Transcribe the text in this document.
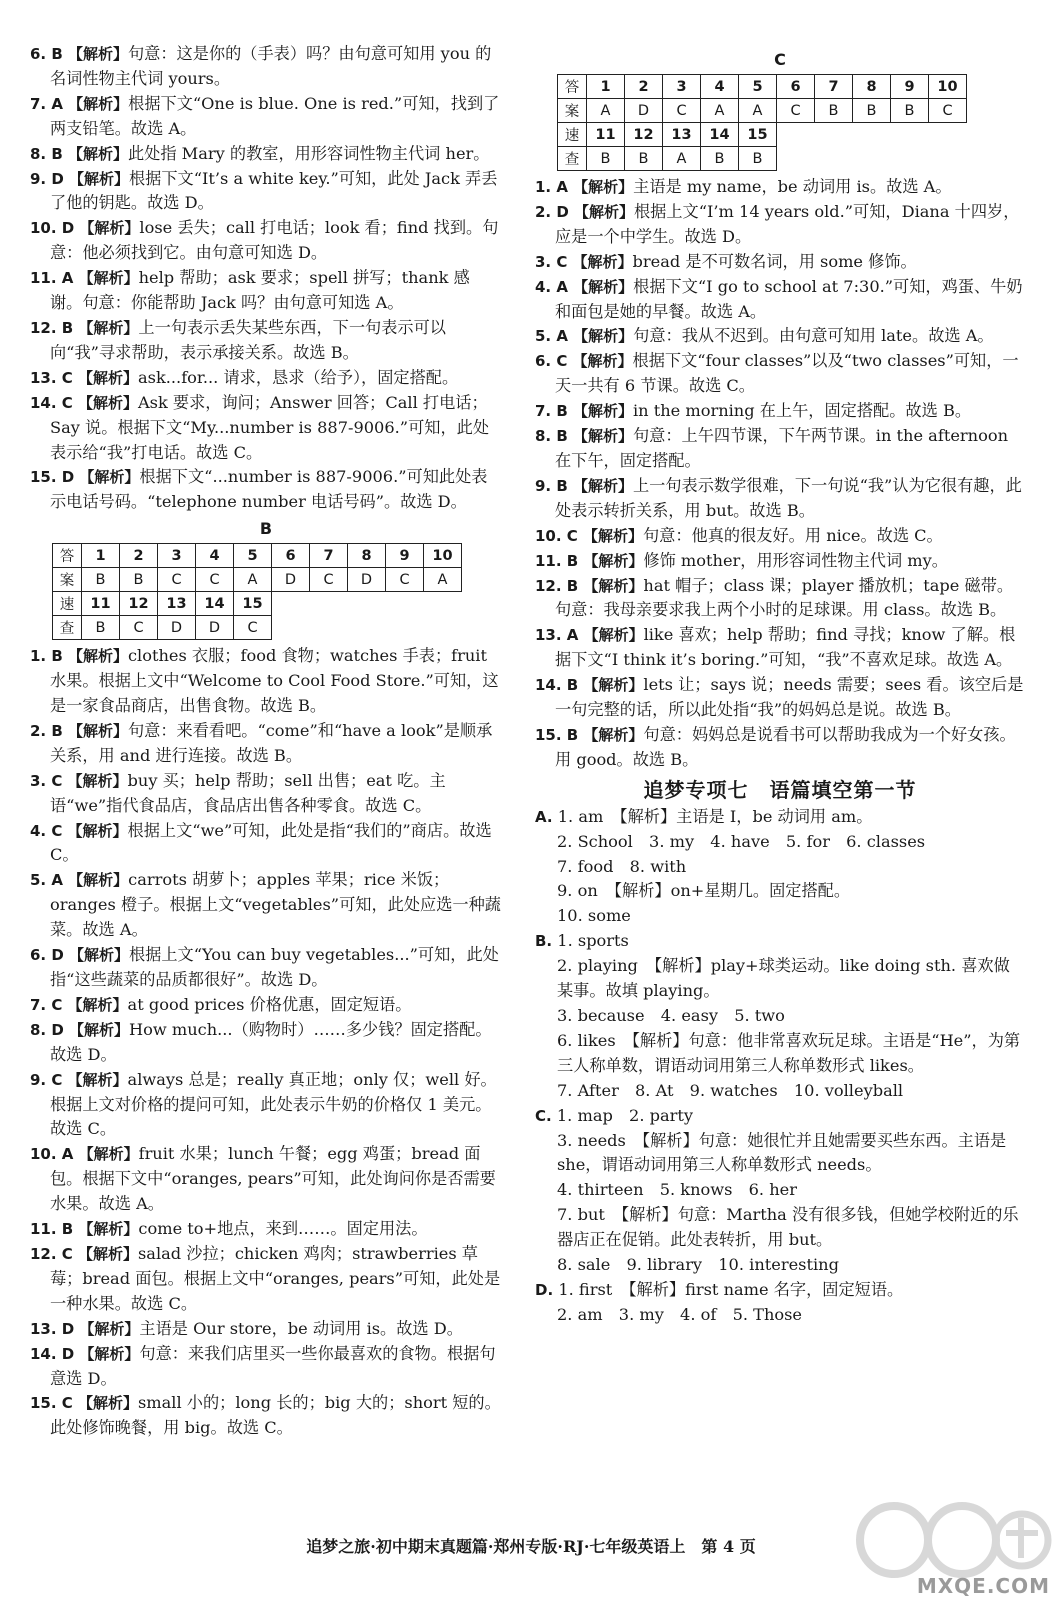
6. B 【解析】句意：这是你的（手表）吗？由句意可知用 you 的名词性物主代词 yours。

7. A 【解析】根据下文“One is blue. One is red.”可知，找到了两支铅笔。故选 A。

8. B 【解析】此处指 Mary 的教室，用形容词性物主代词 her。

9. D 【解析】根据下文“It’s a white key.”可知，此处 Jack 弄丢了他的钥匙。故选 D。

10. D 【解析】lose 丢失；call 打电话；look 看；find 找到。句意：他必须找到它。由句意可知选 D。

11. A 【解析】help 帮助；ask 要求；spell 拼写；thank 感谢。句意：你能帮助 Jack 吗？由句意可知选 A。

12. B 【解析】上一句表示丢失某些东西，下一句表示可以向“我”寻求帮助，表示承接关系。故选 B。

13. C 【解析】ask...for... 请求，恳求（给予），固定搭配。

14. C 【解析】Ask 要求，询问；Answer 回答；Call 打电话；Say 说。根据下文“My...number is 887-9006.”可知，此处表示给“我”打电话。故选 C。

15. D 【解析】根据下文“...number is 887-9006.”可知此处表示电话号码。“telephone number 电话号码”。故选 D。

B
答	1	2	3	4	5	6	7	8	9	10
案	B	B	C	C	A	D	C	D	C	A
速	11	12	13	14	15					
查	B	C	D	D	C					

1. B 【解析】clothes 衣服；food 食物；watches 手表；fruit 水果。根据上文中“Welcome to Cool Food Store.”可知，这是一家食品商店，出售食物。故选 B。

2. B 【解析】句意：来看看吧。“come”和“have a look”是顺承关系，用 and 进行连接。故选 B。

3. C 【解析】buy 买；help 帮助；sell 出售；eat 吃。主语“we”指代食品店，食品店出售各种零食。故选 C。

4. C 【解析】根据上文“we”可知，此处是指“我们的”商店。故选 C。

5. A 【解析】carrots 胡萝卜；apples 苹果；rice 米饭；oranges 橙子。根据上文“vegetables”可知，此处应选一种蔬菜。故选 A。

6. D 【解析】根据上文“You can buy vegetables...”可知，此处指“这些蔬菜的品质都很好”。故选 D。

7. C 【解析】at good prices 价格优惠，固定短语。

8. D 【解析】How much...（购物时）……多少钱？固定搭配。故选 D。

9. C 【解析】always 总是；really 真正地；only 仅；well 好。根据上文对价格的提问可知，此处表示牛奶的价格仅 1 美元。故选 C。

10. A 【解析】fruit 水果；lunch 午餐；egg 鸡蛋；bread 面包。根据下文中“oranges, pears”可知，此处询问你是否需要水果。故选 A。

11. B 【解析】come to+地点，来到……。固定用法。

12. C 【解析】salad 沙拉；chicken 鸡肉；strawberries 草莓；bread 面包。根据上文中“oranges, pears”可知，此处是一种水果。故选 C。

13. D 【解析】主语是 Our store，be 动词用 is。故选 D。

14. D 【解析】句意：来我们店里买一些你最喜欢的食物。根据句意选 D。

15. C 【解析】small 小的；long 长的；big 大的；short 短的。此处修饰晚餐，用 big。故选 C。

C
答	1	2	3	4	5	6	7	8	9	10
案	A	D	C	A	A	C	B	B	B	C
速	11	12	13	14	15					
查	B	B	A	B	B					

1. A 【解析】主语是 my name，be 动词用 is。故选 A。

2. D 【解析】根据上文“I’m 14 years old.”可知，Diana 十四岁，应是一个中学生。故选 D。

3. C 【解析】bread 是不可数名词，用 some 修饰。

4. A 【解析】根据下文“I go to school at 7:30.”可知，鸡蛋、牛奶和面包是她的早餐。故选 A。

5. A 【解析】句意：我从不迟到。由句意可知用 late。故选 A。

6. C 【解析】根据下文“four classes”以及“two classes”可知，一天一共有 6 节课。故选 C。

7. B 【解析】in the morning 在上午，固定搭配。故选 B。

8. B 【解析】句意：上午四节课，下午两节课。in the afternoon 在下午，固定搭配。

9. B 【解析】上一句表示数学很难，下一句说“我”认为它很有趣，此处表示转折关系，用 but。故选 B。

10. C 【解析】句意：他真的很友好。用 nice。故选 C。

11. B 【解析】修饰 mother，用形容词性物主代词 my。

12. B 【解析】hat 帽子；class 课；player 播放机；tape 磁带。句意：我母亲要求我上两个小时的足球课。用 class。故选 B。

13. A 【解析】like 喜欢；help 帮助；find 寻找；know 了解。根据下文“I think it’s boring.”可知，“我”不喜欢足球。故选 A。

14. B 【解析】lets 让；says 说；needs 需要；sees 看。该空后是一句完整的话，所以此处指“我”的妈妈总是说。故选 B。

15. B 【解析】句意：妈妈总是说看书可以帮助我成为一个好女孩。用 good。故选 B。

追梦专项七　语篇填空第一节

A. 1. am　【解析】主语是 I，be 动词用 am。

2. School　3. my　4. have　5. for　6. classes

7. food　8. with

9. on　【解析】on+星期几。固定搭配。

10. some

B. 1. sports

2. playing　【解析】play+球类运动。like doing sth. 喜欢做某事。故填 playing。

3. because　4. easy　5. two

6. likes　【解析】句意：他非常喜欢玩足球。主语是“He”，为第三人称单数，谓语动词用第三人称单数形式 likes。

7. After　8. At　9. watches　10. volleyball

C. 1. map　2. party

3. needs　【解析】句意：她很忙并且她需要买些东西。主语是 she，谓语动词用第三人称单数形式 needs。

4. thirteen　5. knows　6. her

7. but　【解析】句意：Martha 没有很多钱，但她学校附近的乐器店正在促销。此处表转折，用 but。

8. sale　9. library　10. interesting

D. 1. first　【解析】first name 名字，固定短语。

2. am　3. my　4. of　5. Those

追梦之旅·初中期末真题篇·郑州专版·RJ·七年级英语上　第 4 页
MXQE.COM
